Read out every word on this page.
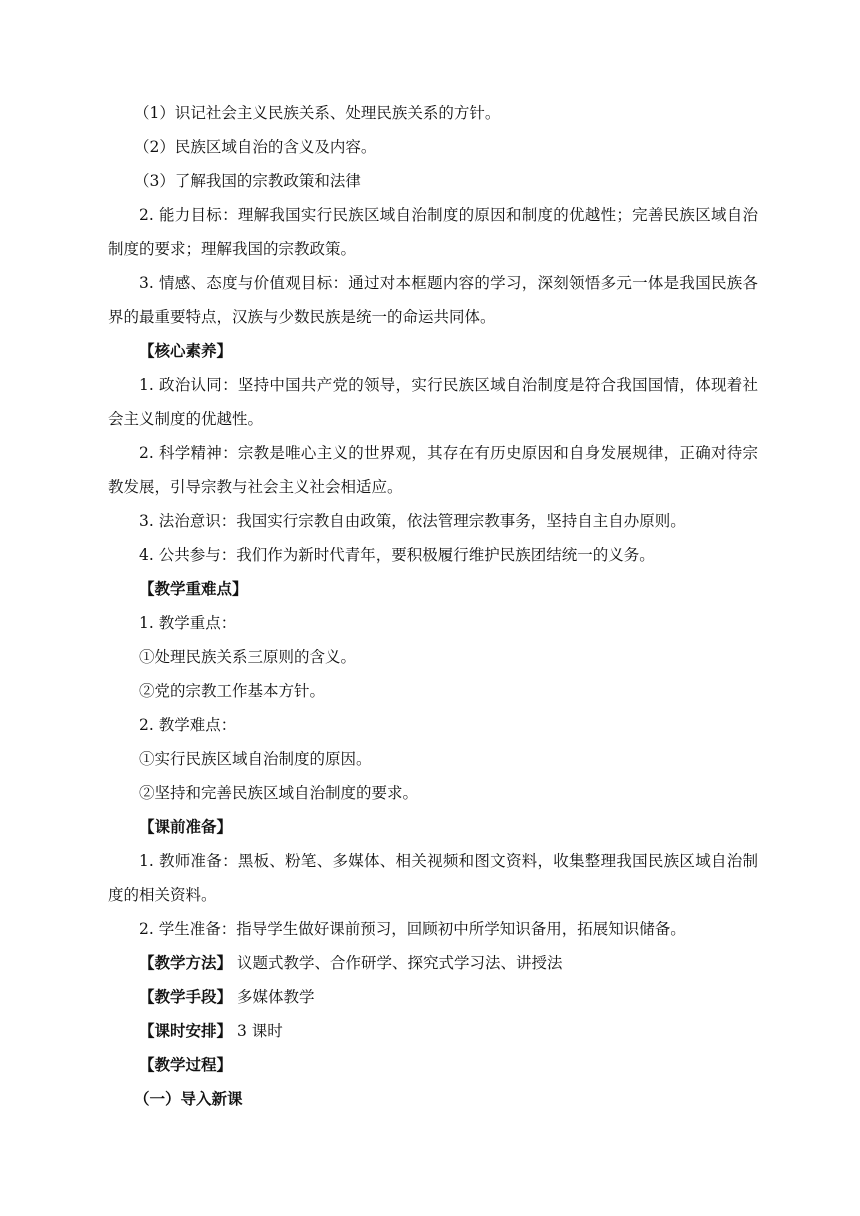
（1）识记社会主义民族关系、处理民族关系的方针。

（2）民族区域自治的含义及内容。

（3）了解我国的宗教政策和法律

2. 能力目标：理解我国实行民族区域自治制度的原因和制度的优越性；完善民族区域自治制度的要求；理解我国的宗教政策。

3. 情感、态度与价值观目标：通过对本框题内容的学习，深刻领悟多元一体是我国民族各界的最重要特点，汉族与少数民族是统一的命运共同体。

【核心素养】

1. 政治认同：坚持中国共产党的领导，实行民族区域自治制度是符合我国国情，体现着社会主义制度的优越性。

2. 科学精神：宗教是唯心主义的世界观，其存在有历史原因和自身发展规律，正确对待宗教发展，引导宗教与社会主义社会相适应。

3. 法治意识：我国实行宗教自由政策，依法管理宗教事务，坚持自主自办原则。

4. 公共参与：我们作为新时代青年，要积极履行维护民族团结统一的义务。

【教学重难点】

1. 教学重点：

①处理民族关系三原则的含义。

②党的宗教工作基本方针。

2. 教学难点：

①实行民族区域自治制度的原因。

②坚持和完善民族区域自治制度的要求。

【课前准备】

1. 教师准备：黑板、粉笔、多媒体、相关视频和图文资料，收集整理我国民族区域自治制度的相关资料。

2. 学生准备：指导学生做好课前预习，回顾初中所学知识备用，拓展知识储备。

【教学方法】 议题式教学、合作研学、探究式学习法、讲授法

【教学手段】 多媒体教学

【课时安排】 3 课时

【教学过程】

（一）导入新课
